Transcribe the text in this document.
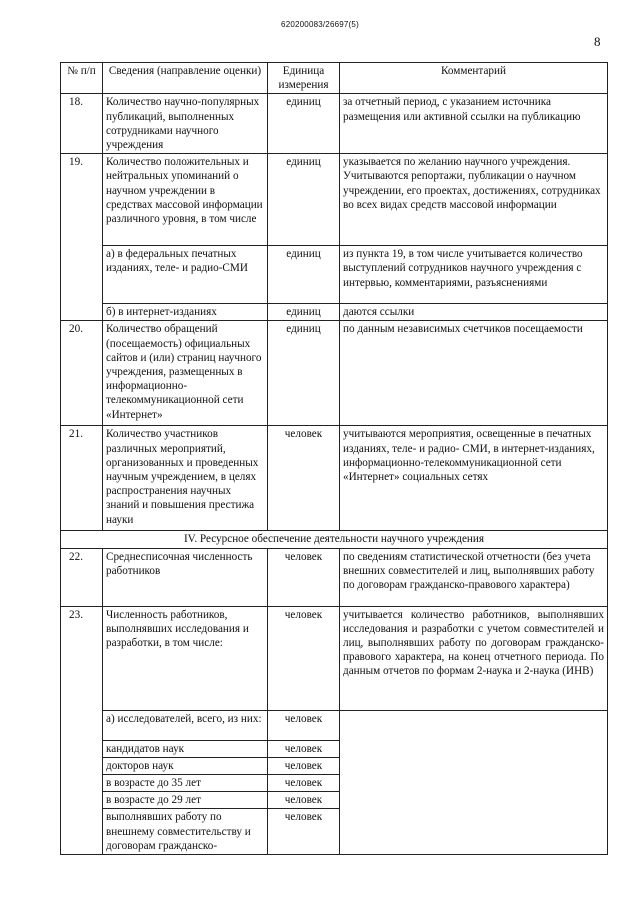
620200083/26697(5)
8
№ п/п	Сведения (направление оценки)	Единица измерения	Комментарий
18.	Количество научно-популярных публикаций, выполненных сотрудниками научного учреждения	единиц	за отчетный период, с указанием источника размещения или активной ссылки на публикацию
19.	Количество положительных и нейтральных упоминаний о научном учреждении в средствах массовой информации различного уровня, в том числе	единиц	указывается по желанию научного учреждения. Учитываются репортажи, публикации о научном учреждении, его проектах, достижениях, сотрудниках во всех видах средств массовой информации
	а) в федеральных печатных изданиях, теле- и радио-СМИ	единиц	из пункта 19, в том числе учитывается количество выступлений сотрудников научного учреждения с интервью, комментариями, разъяснениями
	б) в интернет-изданиях	единиц	даются ссылки
20.	Количество обращений (посещаемость) официальных сайтов и (или) страниц научного учреждения, размещенных в информационно-телекоммуникационной сети «Интернет»	единиц	по данным независимых счетчиков посещаемости
21.	Количество участников различных мероприятий, организованных и проведенных научным учреждением, в целях распространения научных знаний и повышения престижа науки	человек	учитываются мероприятия, освещенные в печатных изданиях, теле- и радио- СМИ, в интернет-изданиях, информационно-телекоммуникационной сети «Интернет» социальных сетях
IV. Ресурсное обеспечение деятельности научного учреждения			
22.	Среднесписочная численность работников	человек	по сведениям статистической отчетности (без учета внешних совместителей и лиц, выполнявших работу по договорам гражданско-правового характера)
23.	Численность работников, выполнявших исследования и разработки, в том числе:	человек	учитывается количество работников, выполнявших исследования и разработки с учетом совместителей и лиц, выполнявших работу по договорам гражданско-правового характера, на конец отчетного периода. По данным отчетов по формам 2-наука и 2-наука (ИНВ)
	а) исследователей, всего, из них:	человек	
	кандидатов наук	человек	
	докторов наук	человек	
	в возрасте до 35 лет	человек	
	в возрасте до 29 лет	человек	
	выполнявших работу по внешнему совместительству и договорам гражданско-	человек	
